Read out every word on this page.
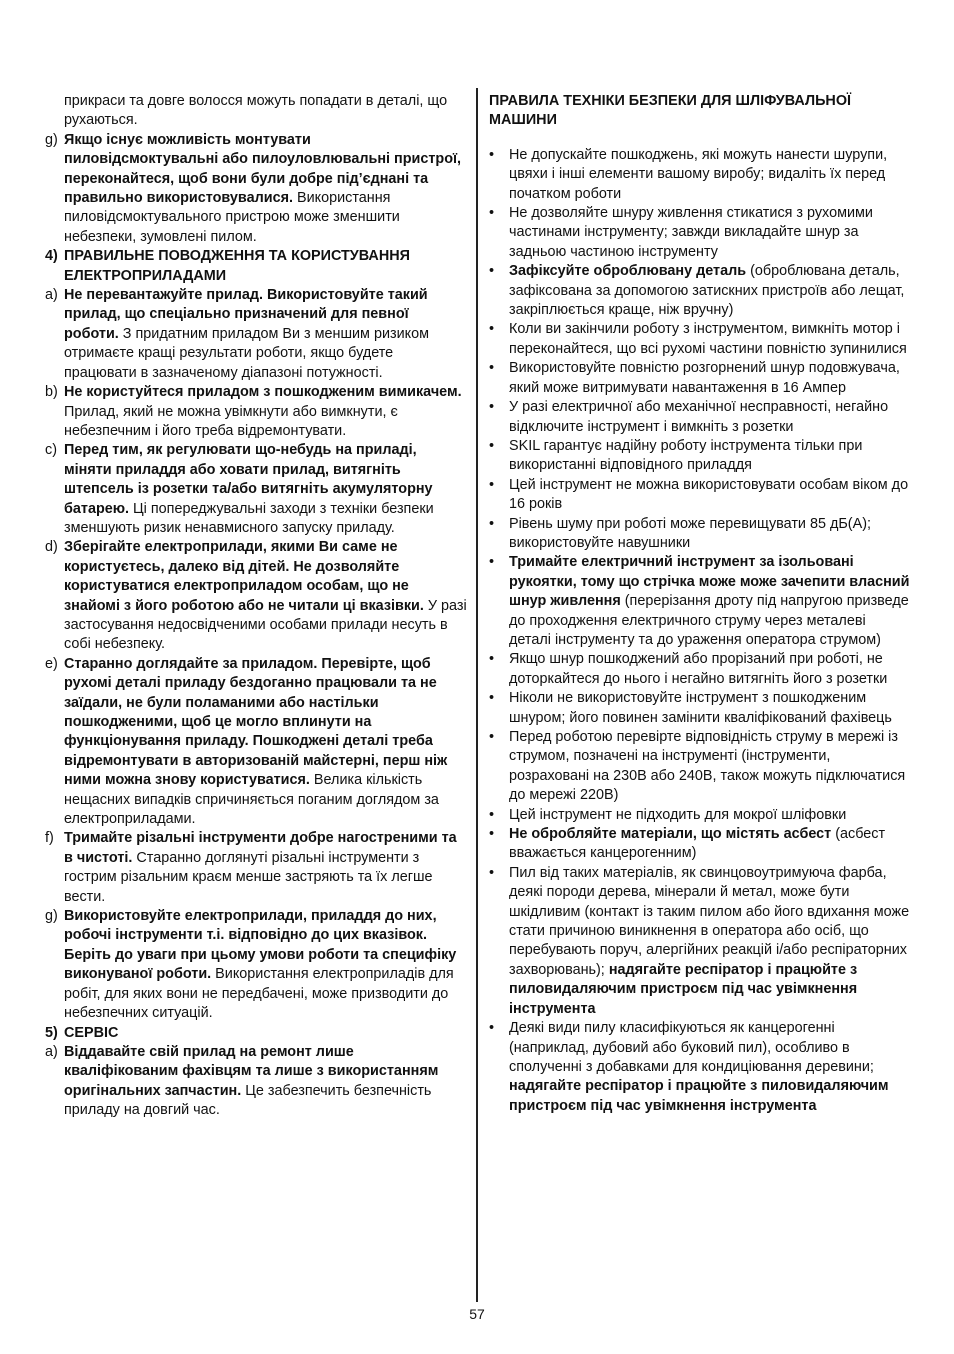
прикраси та довге волосся можуть попадати в деталі, що рухаються.
g) Якщо існує можливість монтувати пиловідсмоктувальні або пилоуловлювальні пристрої, переконайтеся, щоб вони були добре під’єднані та правильно використовувалися. Використання пиловідсмоктувального пристрою може зменшити небезпеки, зумовлені пилом.
4) ПРАВИЛЬНЕ ПОВОДЖЕННЯ ТА КОРИСТУВАННЯ ЕЛЕКТРОПРИЛАДАМИ
a) Не перевантажуйте прилад. Використовуйте такий прилад, що спеціально призначений для певної роботи. З придатним приладом Ви з меншим ризиком отримаєте кращі результати роботи, якщо будете працювати в зазначеному діапазоні потужності.
b) Не користуйтеся приладом з пошкодженим вимикачем. Прилад, який не можна увімкнути або вимкнути, є небезпечним і його треба відремонтувати.
c) Перед тим, як регулювати що-небудь на приладі, міняти приладдя або ховати прилад, витягніть штепсель із розетки та/або витягніть акумуляторну батарею. Ці попереджувальні заходи з техніки безпеки зменшують ризик ненавмисного запуску приладу.
d) Зберігайте електроприлади, якими Ви саме не користуєтесь, далеко від дітей. Не дозволяйте користуватися електроприладом особам, що не знайомі з його роботою або не читали ці вказівки. У разі застосування недосвідченими особами прилади несуть в собі небезпеку.
e) Старанно доглядайте за приладом. Перевірте, щоб рухомі деталі приладу бездоганно працювали та не заїдали, не були поламаними або настільки пошкодженими, щоб це могло вплинути на функціонування приладу. Пошкоджені деталі треба відремонтувати в авторизованій майстерні, перш ніж ними можна знову користуватися. Велика кількість нещасних випадків спричиняється поганим доглядом за електроприладами.
f) Тримайте різальні інструменти добре нагостреними та в чистоті. Старанно доглянуті різальні інструменти з гострим різальним краєм менше застряють та їх легше вести.
g) Використовуйте електроприлади, приладдя до них, робочі інструменти т.і. відповідно до цих вказівок. Беріть до уваги при цьому умови роботи та специфіку виконуваної роботи. Використання електроприладів для робіт, для яких вони не передбачені, може призводити до небезпечних ситуацій.
5) СЕРВІС
a) Віддавайте свій прилад на ремонт лише кваліфікованим фахівцям та лише з використанням оригінальних запчастин. Це забезпечить безпечність приладу на довгий час.
ПРАВИЛА ТЕХНІКИ БЕЗПЕКИ ДЛЯ ШЛІФУВАЛЬНОЇ МАШИНИ
•	Не допускайте пошкоджень, які можуть нанести шурупи, цвяхи і інші елементи вашому виробу; видаліть їх перед початком роботи
•	Не дозволяйте шнуру живлення стикатися з рухомими частинами інструменту; завжди викладайте шнур за задньою частиною інструменту
•	Зафіксуйте оброблювану деталь (оброблювана деталь, зафіксована за допомогою затискних пристроїв або лещат, закріплюється краще, ніж вручну)
•	Коли ви закінчили роботу з інструментом, вимкніть мотор і переконайтеся, що всі рухомі частини повністю зупинилися
•	Використовуйте повністю розгорнений шнур подовжувача, який може витримувати навантаження в 16 Ампер
•	У разі електричної або механічної несправності, негайно відключите інструмент і вимкніть з розетки
•	SKIL гарантує надійну роботу інструмента тільки при використанні відповідного приладдя
•	Цей інструмент не можна використовувати особам віком до 16 років
•	Рівень шуму при роботі може перевищувати 85 дБ(A); використовуйте навушники
•	Тримайте електричний інструмент за ізольовані рукоятки, тому що стрічка може може зачепити власний шнур живлення (перерізання дроту під напругою призведе до проходження електричного струму через металеві деталі інструменту та до ураження оператора струмом)
•	Якщо шнур пошкоджений або прорізаний при роботі, не доторкайтеся до нього і негайно витягніть його з розетки
•	Ніколи не використовуйте інструмент з пошкодженим шнуром; його повинен замінити кваліфікований фахівець
•	Перед роботою перевірте відповідність струму в мережі із струмом, позначені на інструменті (інструменти, розраховані на 230В або 240В, також можуть підключатися до мережі 220В)
•	Цей інструмент не підходить для мокрої шліфовки
•	Не обробляйте матеріали, що містять асбест (асбест вважається канцерогенним)
•	Пил від таких матеріалів, як свинцовоутримуюча фарба, деякі породи дерева, мінерали й метал, може бути шкідливим (контакт із таким пилом або його вдихання може стати причиною виникнення в оператора або осіб, що перебувають поруч, алергійних реакцій і/або респіраторних захворювань); надягайте респіратор і працюйте з пиловидаляючим пристроєм під час увімкнення інструмента
•	Деякі види пилу класифікуються як канцерогенні (наприклад, дубовий або буковий пил), особливо в сполученні з добавками для кондиціювання деревини; надягайте респіратор і працюйте з пиловидаляючим пристроєм під час увімкнення інструмента
57
